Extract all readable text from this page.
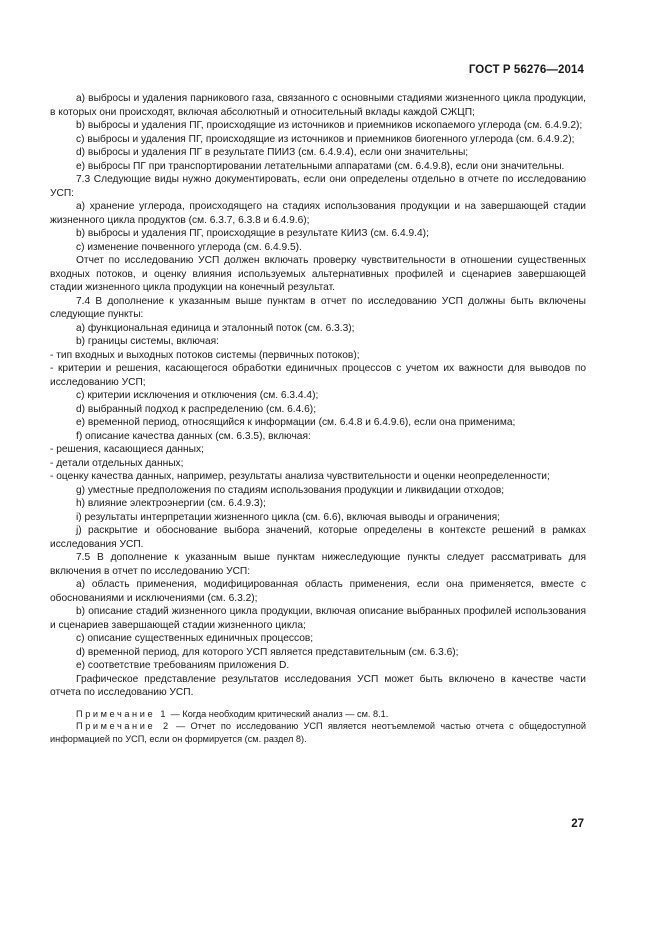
ГОСТ Р 56276—2014

a) выбросы и удаления парникового газа, связанного с основными стадиями жизненного цикла продукции, в которых они происходят, включая абсолютный и относительный вклады каждой СЖЦП;

b) выбросы и удаления ПГ, происходящие из источников и приемников ископаемого углерода (см. 6.4.9.2);

c) выбросы и удаления ПГ, происходящие из источников и приемников биогенного углерода (см. 6.4.9.2);

d) выбросы и удаления ПГ в результате ПИИЗ (см. 6.4.9.4), если они значительны;

e) выбросы ПГ при транспортировании летательными аппаратами (см. 6.4.9.8), если они значительны.

7.3 Следующие виды нужно документировать, если они определены отдельно в отчете по исследованию УСП:

a) хранение углерода, происходящего на стадиях использования продукции и на завершающей стадии жизненного цикла продуктов (см. 6.3.7, 6.3.8 и 6.4.9.6);

b) выбросы и удаления ПГ, происходящие в результате КИИЗ (см. 6.4.9.4);

c) изменение почвенного углерода (см. 6.4.9.5).

Отчет по исследованию УСП должен включать проверку чувствительности в отношении существенных входных потоков, и оценку влияния используемых альтернативных профилей и сценариев завершающей стадии жизненного цикла продукции на конечный результат.

7.4 В дополнение к указанным выше пунктам в отчет по исследованию УСП должны быть включены следующие пункты:

a) функциональная единица и эталонный поток (см. 6.3.3);

b) границы системы, включая:

- тип входных и выходных потоков системы (первичных потоков);

- критерии и решения, касающегося обработки единичных процессов с учетом их важности для выводов по исследованию УСП;

c) критерии исключения и отключения (см. 6.3.4.4);

d) выбранный подход к распределению (см. 6.4.6);

e) временной период, относящийся к информации (см. 6.4.8 и 6.4.9.6), если она применима;

f) описание качества данных (см. 6.3.5), включая:

- решения, касающиеся данных;

- детали отдельных данных;

- оценку качества данных, например, результаты анализа чувствительности и оценки неопределенности;

g) уместные предположения по стадиям использования продукции и ликвидации отходов;

h) влияние электроэнергии (см. 6.4.9.3);

i) результаты интерпретации жизненного цикла (см. 6.6), включая выводы и ограничения;

j) раскрытие и обоснование выбора значений, которые определены в контексте решений в рамках исследования УСП.

7.5 В дополнение к указанным выше пунктам нижеследующие пункты следует рассматривать для включения в отчет по исследованию УСП:

a) область применения, модифицированная область применения, если она применяется, вместе с обоснованиями и исключениями (см. 6.3.2);

b) описание стадий жизненного цикла продукции, включая описание выбранных профилей использования и сценариев завершающей стадии жизненного цикла;

c) описание существенных единичных процессов;

d) временной период, для которого УСП является представительным (см. 6.3.6);

e) соответствие требованиям приложения D.

Графическое представление результатов исследования УСП может быть включено в качестве части отчета по исследованию УСП.

Примечание 1 — Когда необходим критический анализ — см. 8.1.

Примечание 2 — Отчет по исследованию УСП является неотъемлемой частью отчета с общедоступной информацией по УСП, если он формируется (см. раздел 8).

27
